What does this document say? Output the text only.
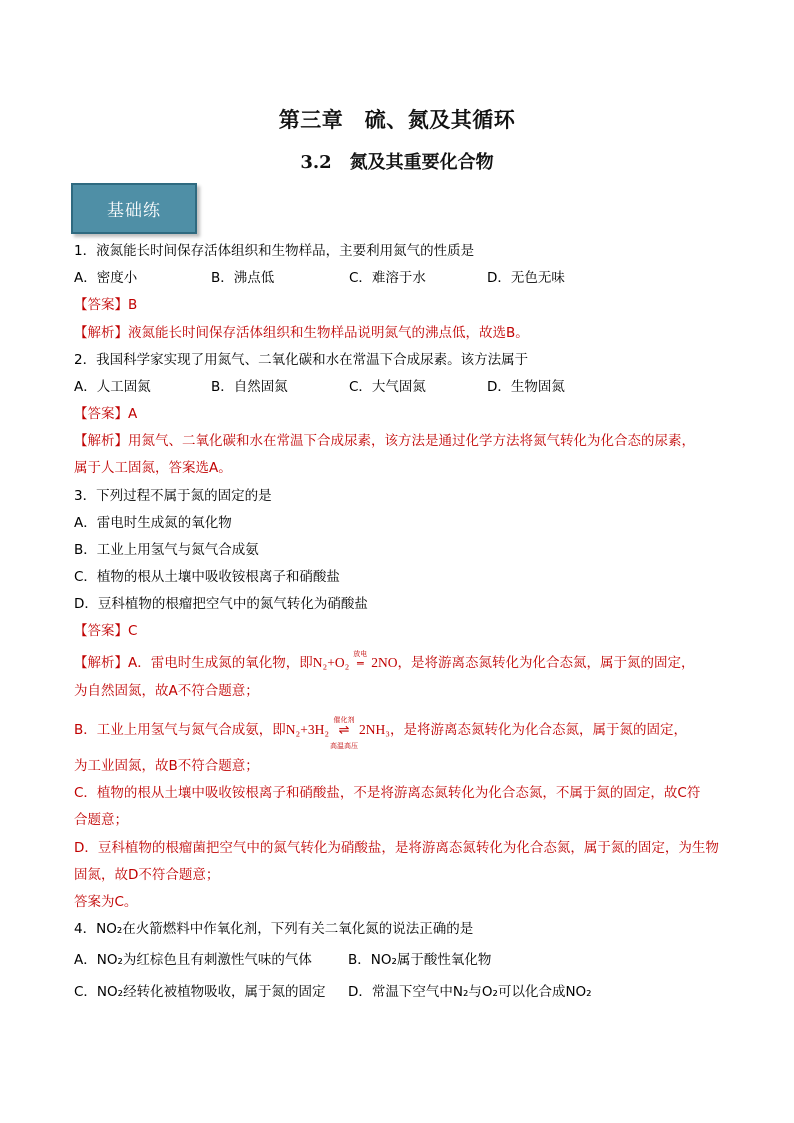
第三章　硫、氮及其循环
3.2　氮及其重要化合物
基础练
1．液氮能长时间保存活体组织和生物样品，主要利用氮气的性质是
A．密度小	B．沸点低	C．难溶于水	D．无色无味
【答案】B
【解析】液氮能长时间保存活体组织和生物样品说明氮气的沸点低，故选B。
2．我国科学家实现了用氮气、二氧化碳和水在常温下合成尿素。该方法属于
A．人工固氮	B．自然固氮	C．大气固氮	D．生物固氮
【答案】A
【解析】用氮气、二氧化碳和水在常温下合成尿素，该方法是通过化学方法将氮气转化为化合态的尿素，
属于人工固氮，答案选A。
3．下列过程不属于氮的固定的是
A．雷电时生成氮的氧化物
B．工业上用氢气与氮气合成氨
C．植物的根从土壤中吸收铵根离子和硝酸盐
D．豆科植物的根瘤把空气中的氮气转化为硝酸盐
【答案】C
【解析】A．雷电时生成氮的氧化物，即N₂+O₂
放电
═ 2NO，是将游离态氮转化为化合态氮，属于氮的固定，
为自然固氮，故A不符合题意；
B．工业上用氢气与氮气合成氨，即N₂+3H₂
催化剂
⇌
高温高压
2NH₃，是将游离态氮转化为化合态氮，属于氮的固定，
为工业固氮，故B不符合题意；
C．植物的根从土壤中吸收铵根离子和硝酸盐，不是将游离态氮转化为化合态氮，不属于氮的固定，故C符
合题意；
D．豆科植物的根瘤菌把空气中的氮气转化为硝酸盐，是将游离态氮转化为化合态氮，属于氮的固定，为生物
固氮，故D不符合题意；
答案为C。
4．NO₂在火箭燃料中作氧化剂，下列有关二氧化氮的说法正确的是
A．NO₂为红棕色且有刺激性气味的气体	B．NO₂属于酸性氧化物
C．NO₂经转化被植物吸收，属于氮的固定 D．常温下空气中N₂与O₂可以化合成NO₂
